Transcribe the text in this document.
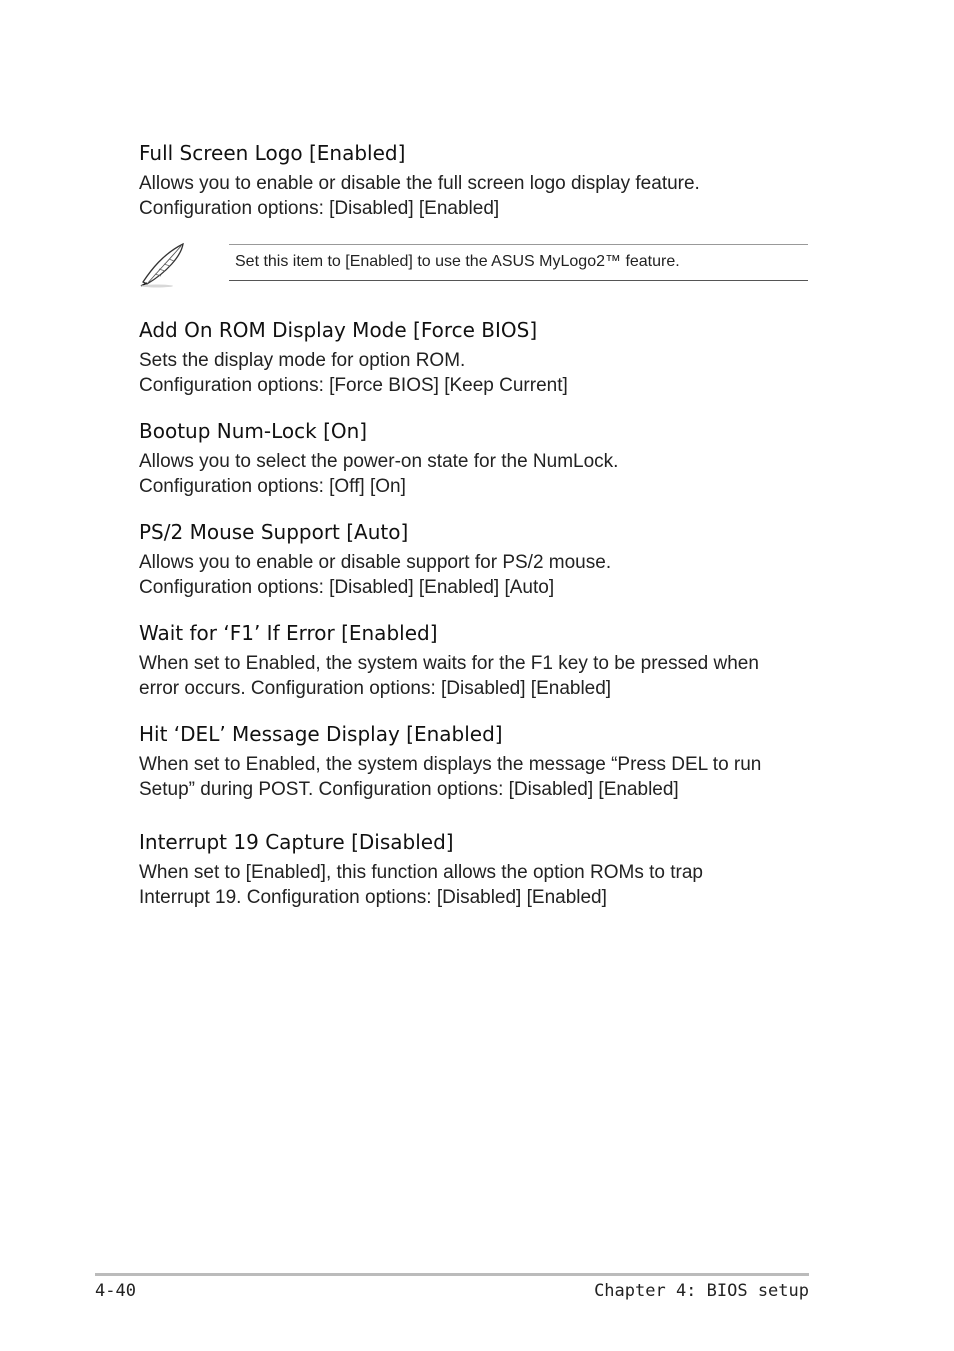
Full Screen Logo [Enabled]

Allows you to enable or disable the full screen logo display feature.

Configuration options: [Disabled] [Enabled]

Set this item to [Enabled] to use the ASUS MyLogo2™ feature.
Add On ROM Display Mode [Force BIOS]

Sets the display mode for option ROM.

Configuration options: [Force BIOS] [Keep Current]

Bootup Num-Lock [On]

Allows you to select the power-on state for the NumLock.

Configuration options: [Off] [On]

PS/2 Mouse Support [Auto]

Allows you to enable or disable support for PS/2 mouse.

Configuration options: [Disabled] [Enabled] [Auto]

Wait for ‘F1’ If Error [Enabled]

When set to Enabled, the system waits for the F1 key to be pressed when

error occurs. Configuration options: [Disabled] [Enabled]

Hit ‘DEL’ Message Display [Enabled]

When set to Enabled, the system displays the message “Press DEL to run

Setup” during POST. Configuration options: [Disabled] [Enabled]

Interrupt 19 Capture [Disabled]

When set to [Enabled], this function allows the option ROMs to trap

Interrupt 19. Configuration options: [Disabled] [Enabled]

4-40	Chapter 4: BIOS setup
